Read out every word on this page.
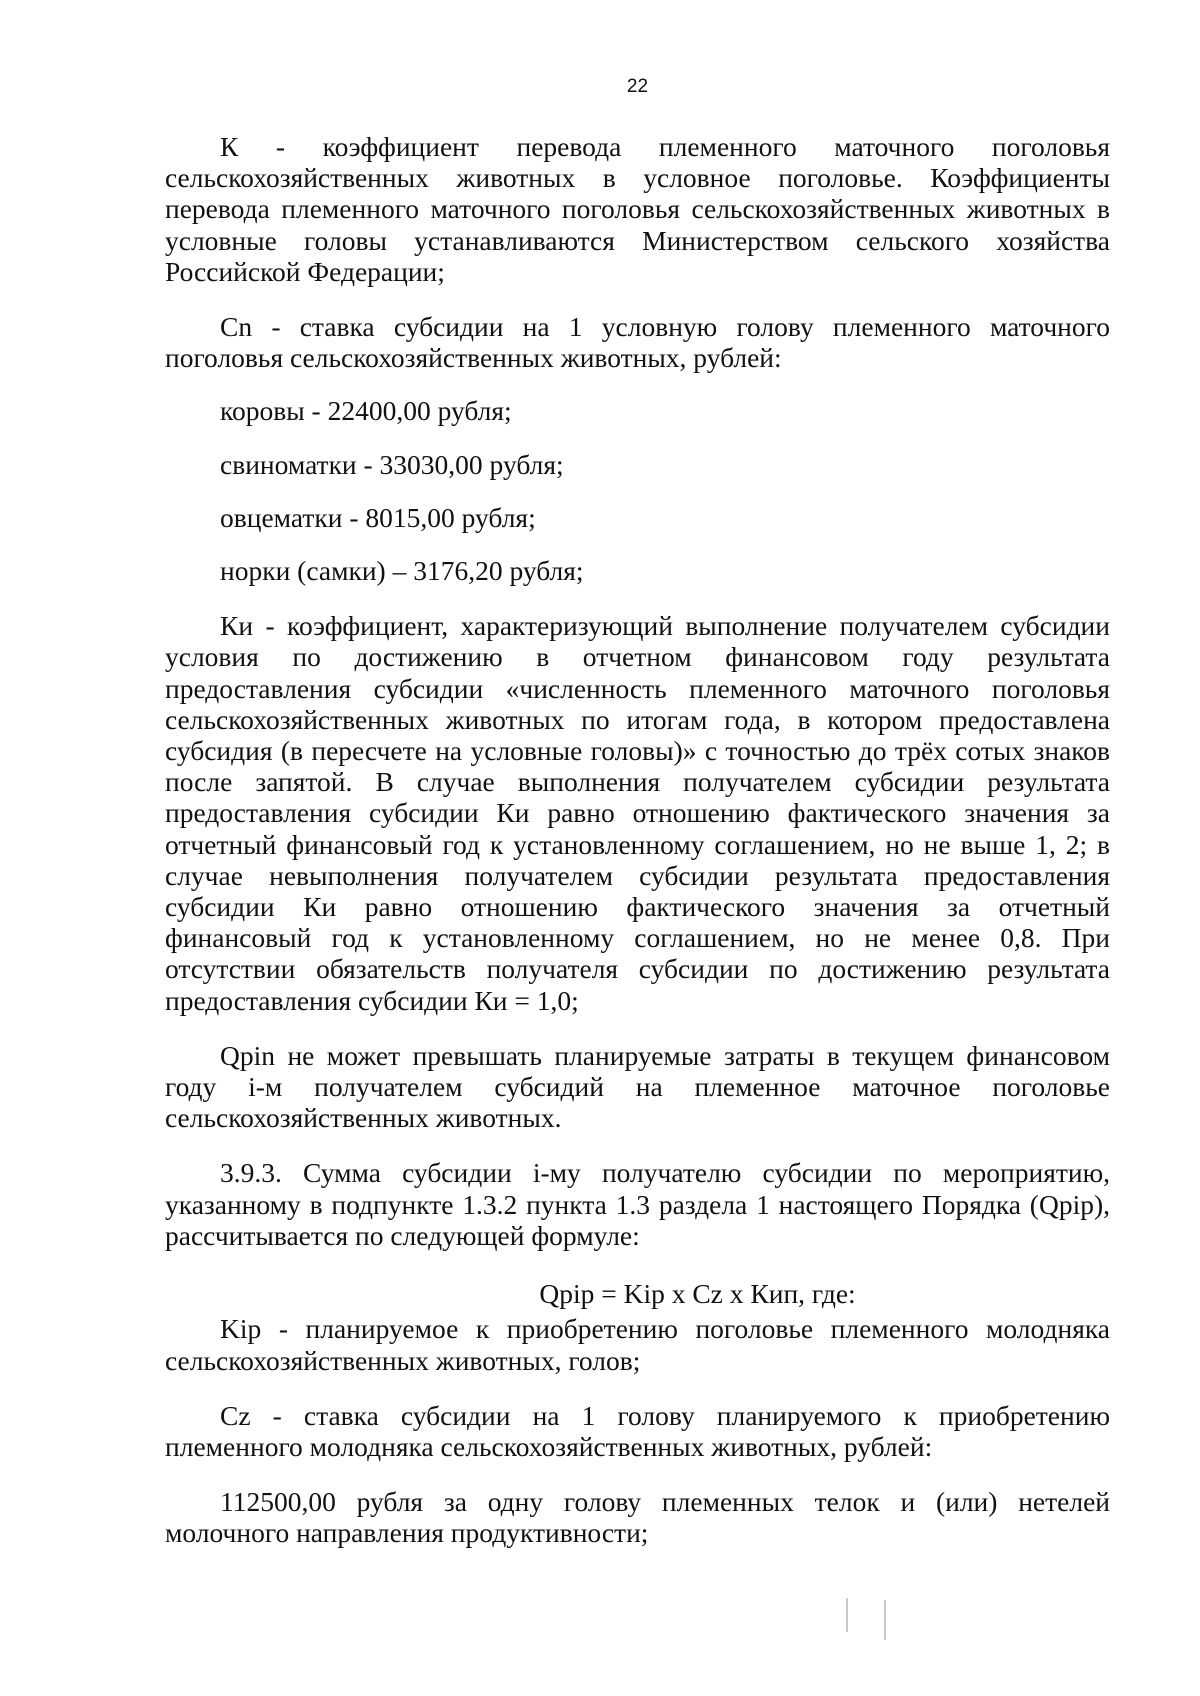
22

К - коэффициент перевода племенного маточного поголовья сельскохозяйственных животных в условное поголовье. Коэффициенты перевода племенного маточного поголовья сельскохозяйственных животных в условные головы устанавливаются Министерством сельского хозяйства Российской Федерации;

Сn - ставка субсидии на 1 условную голову племенного маточного поголовья сельскохозяйственных животных, рублей:

коровы - 22400,00 рубля;

свиноматки - 33030,00 рубля;

овцематки - 8015,00 рубля;

норки (самки) – 3176,20 рубля;

Ки - коэффициент, характеризующий выполнение получателем субсидии условия по достижению в отчетном финансовом году результата предоставления субсидии «численность племенного маточного поголовья сельскохозяйственных животных по итогам года, в котором предоставлена субсидия (в пересчете на условные головы)» с точностью до трёх сотых знаков после запятой. В случае выполнения получателем субсидии результата предоставления субсидии Ки равно отношению фактического значения за отчетный финансовый год к установленному соглашением, но не выше 1, 2; в случае невыполнения получателем субсидии результата предоставления субсидии Ки равно отношению фактического значения за отчетный финансовый год к установленному соглашением, но не менее 0,8. При отсутствии обязательств получателя субсидии по достижению результата предоставления субсидии Ки = 1,0;

Qpin не может превышать планируемые затраты в текущем финансовом году i-м получателем субсидий на племенное маточное поголовье сельскохозяйственных животных.

3.9.3. Сумма субсидии i-му получателю субсидии по мероприятию, указанному в подпункте 1.3.2 пункта 1.3 раздела 1 настоящего Порядка (Qpip), рассчитывается по следующей формуле:

Qpip = Kip x Cz x Кип, где:

Kip - планируемое к приобретению поголовье племенного молодняка сельскохозяйственных животных, голов;

Cz - ставка субсидии на 1 голову планируемого к приобретению племенного молодняка сельскохозяйственных животных, рублей:

112500,00 рубля за одну голову племенных телок и (или) нетелей молочного направления продуктивности;
